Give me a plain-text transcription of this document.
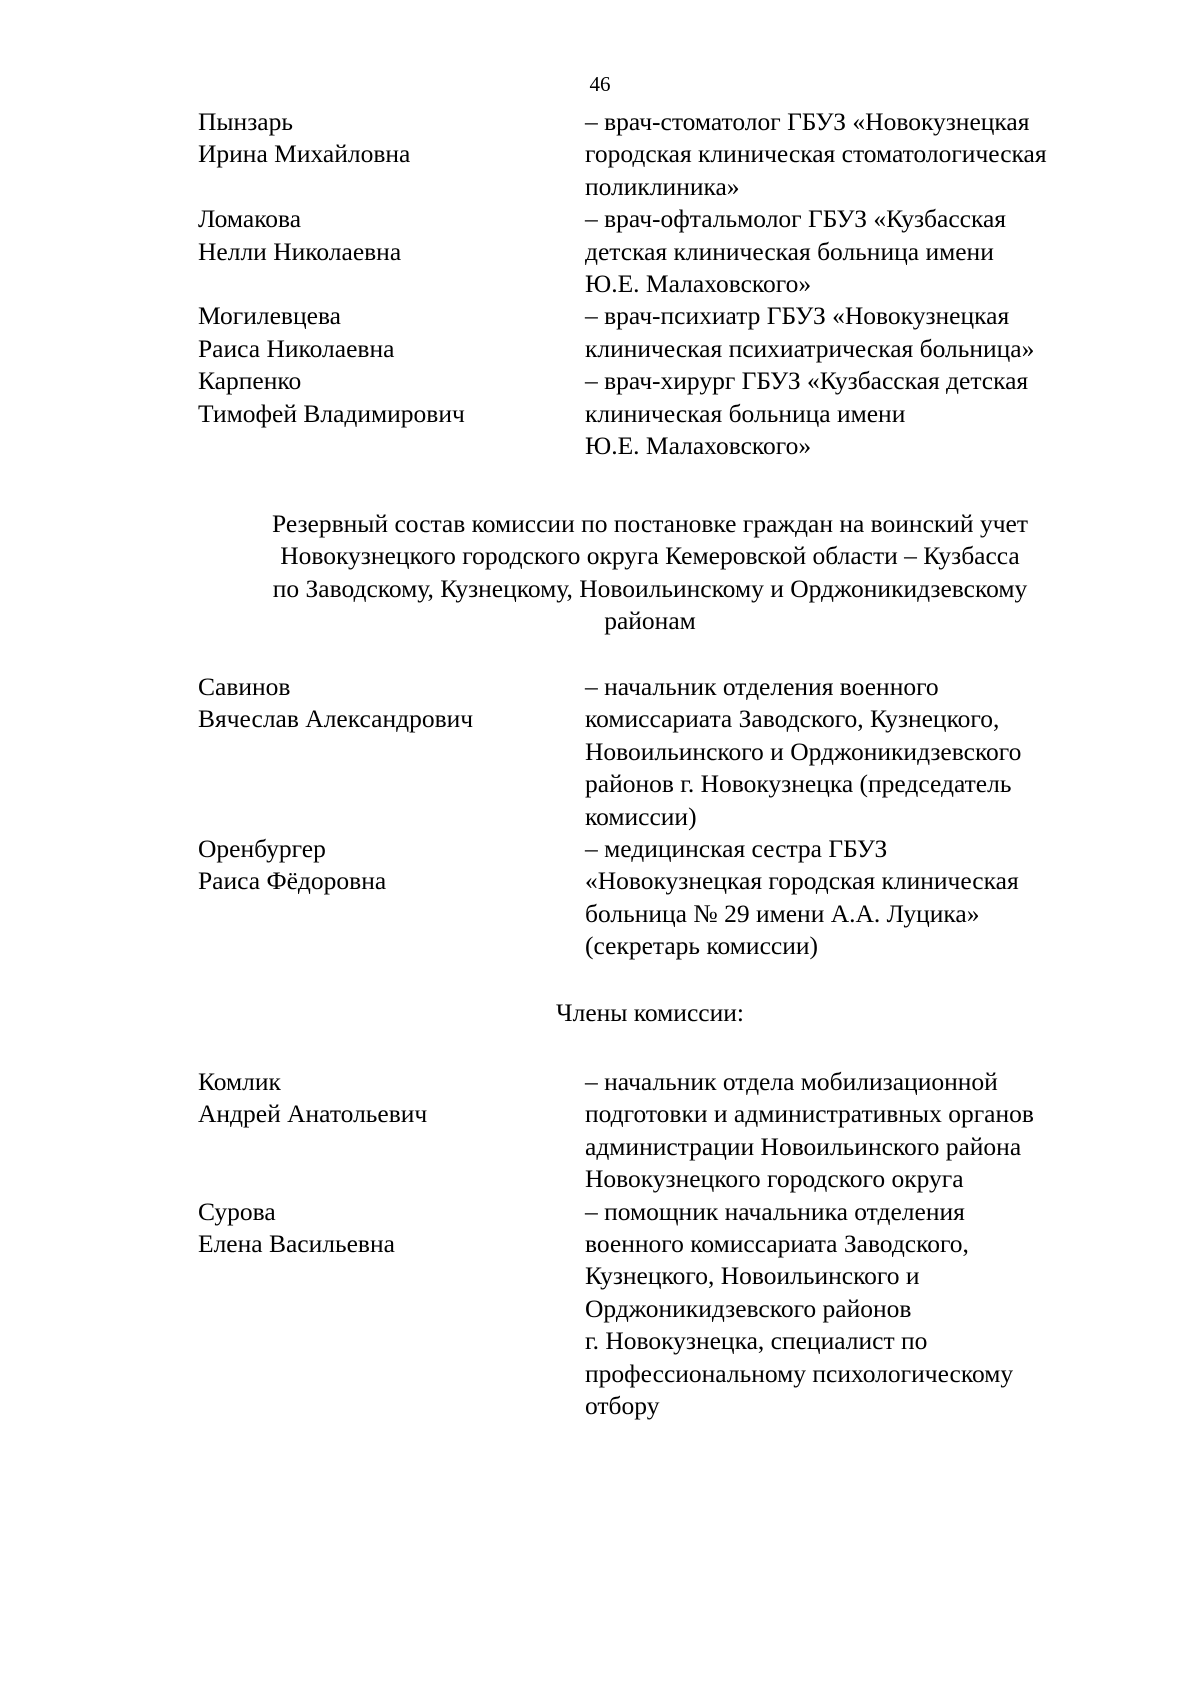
46
Пынзарь
Ирина Михайловна
– врач-стоматолог ГБУЗ «Новокузнецкая
городская клиническая стоматологическая
поликлиника»
Ломакова
Нелли Николаевна
– врач-офтальмолог ГБУЗ «Кузбасская
детская клиническая больница имени
Ю.Е. Малаховского»
Могилевцева
Раиса Николаевна
– врач-психиатр ГБУЗ «Новокузнецкая
клиническая психиатрическая больница»
Карпенко
Тимофей Владимирович
– врач-хирург ГБУЗ «Кузбасская детская
клиническая больница имени
Ю.Е. Малаховского»
Резервный состав комиссии по постановке граждан на воинский учет
Новокузнецкого городского округа Кемеровской области – Кузбасса
по Заводскому, Кузнецкому, Новоильинскому и Орджоникидзевскому
районам
Савинов
Вячеслав Александрович
– начальник отделения военного
комиссариата Заводского, Кузнецкого,
Новоильинского и Орджоникидзевского
районов г. Новокузнецка (председатель
комиссии)
Оренбургер
Раиса Фёдоровна
– медицинская сестра ГБУЗ
«Новокузнецкая городская клиническая
больница № 29 имени А.А. Луцика»
(секретарь комиссии)
Члены комиссии:
Комлик
Андрей Анатольевич
– начальник отдела мобилизационной
подготовки и административных органов
администрации Новоильинского района
Новокузнецкого городского округа
Сурова
Елена Васильевна
– помощник начальника отделения
военного комиссариата Заводского,
Кузнецкого, Новоильинского и
Орджоникидзевского районов
г. Новокузнецка, специалист по
профессиональному психологическому
отбору
